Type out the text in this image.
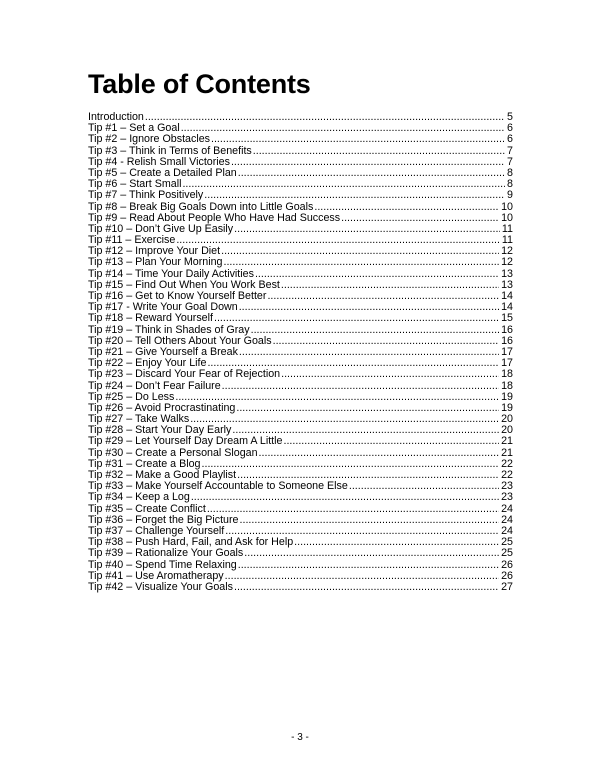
Table of Contents
Introduction .....	5
Tip #1 – Set a Goal .....	6
Tip #2 – Ignore Obstacles .....	6
Tip #3 – Think in Terms of Benefits .....	7
Tip #4 - Relish Small Victories .....	7
Tip #5 – Create a Detailed Plan .....	8
Tip #6 – Start Small .....	8
Tip #7 – Think Positively .....	9
Tip #8 – Break Big Goals Down into Little Goals .....	10
Tip #9 – Read About People Who Have Had Success .....	10
Tip #10 – Don’t Give Up Easily .....	11
Tip #11 – Exercise .....	11
Tip #12 – Improve Your Diet .....	12
Tip #13 – Plan Your Morning .....	12
Tip #14 – Time Your Daily Activities .....	13
Tip #15 – Find Out When You Work Best .....	13
Tip #16 – Get to Know Yourself Better .....	14
Tip #17 - Write Your Goal Down .....	14
Tip #18 – Reward Yourself .....	15
Tip #19 – Think in Shades of Gray .....	16
Tip #20 – Tell Others About Your Goals .....	16
Tip #21 – Give Yourself a Break .....	17
Tip #22 – Enjoy Your Life .....	17
Tip #23 – Discard Your Fear of Rejection .....	18
Tip #24 – Don’t Fear Failure .....	18
Tip #25 – Do Less .....	19
Tip #26 – Avoid Procrastinating .....	19
Tip #27 – Take Walks .....	20
Tip #28 – Start Your Day Early .....	20
Tip #29 – Let Yourself Day Dream A Little .....	21
Tip #30 – Create a Personal Slogan .....	21
Tip #31 – Create a Blog .....	22
Tip #32 – Make a Good Playlist .....	22
Tip #33 – Make Yourself Accountable to Someone Else .....	23
Tip #34 – Keep a Log .....	23
Tip #35 – Create Conflict .....	24
Tip #36 – Forget the Big Picture .....	24
Tip #37 – Challenge Yourself .....	24
Tip #38 – Push Hard, Fail, and Ask for Help .....	25
Tip #39 – Rationalize Your Goals .....	25
Tip #40 – Spend Time Relaxing .....	26
Tip #41 – Use Aromatherapy .....	26
Tip #42 – Visualize Your Goals .....	27
- 3 -
